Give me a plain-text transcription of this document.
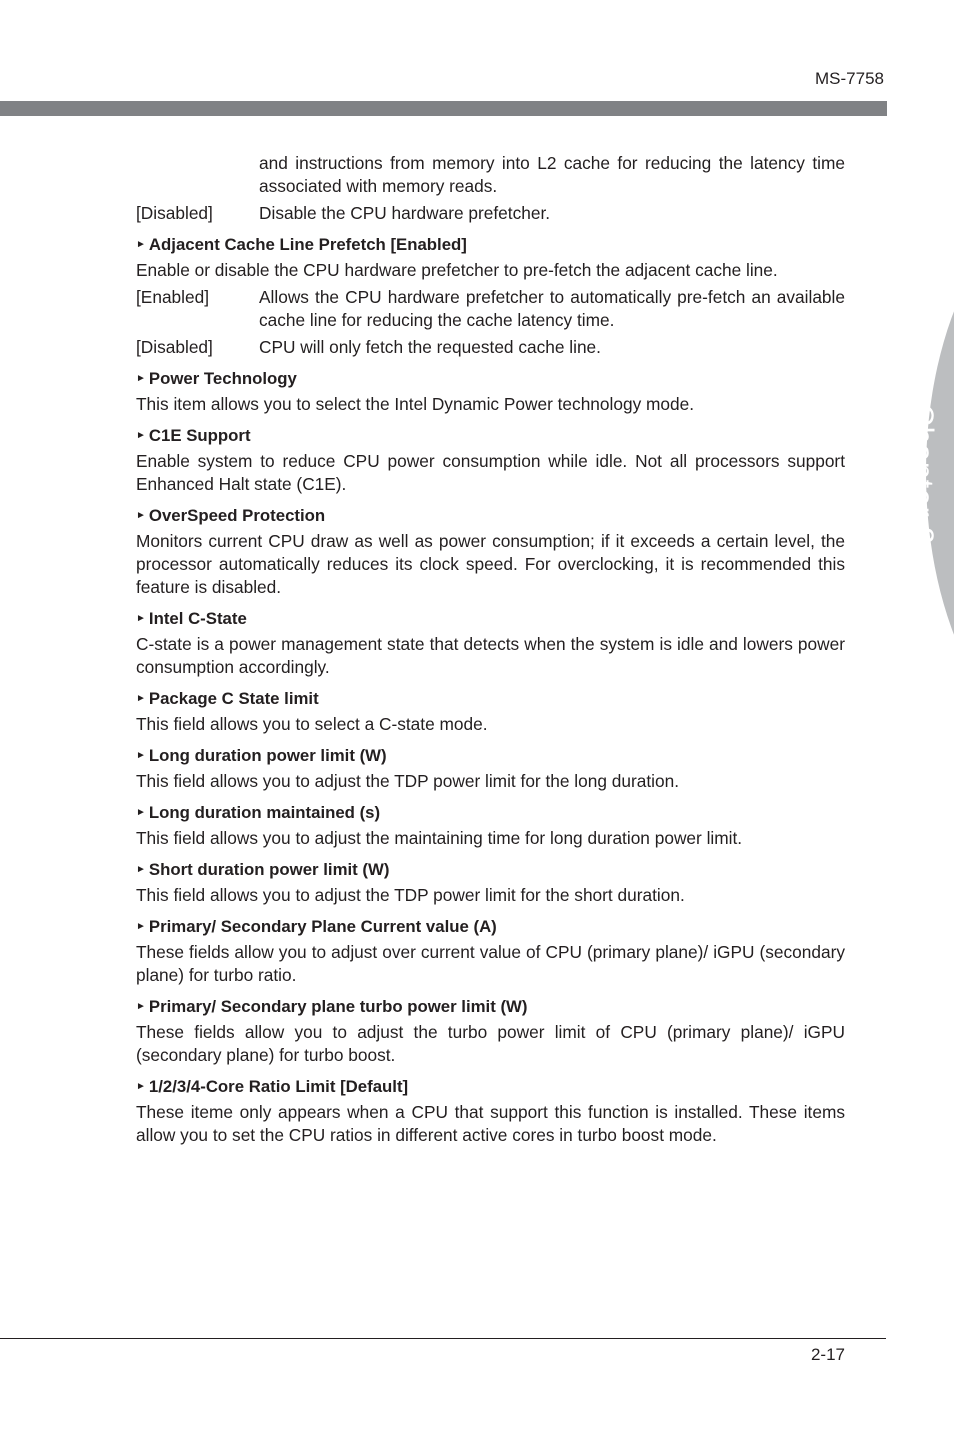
MS-7758
Chapter 2
and instructions from memory into L2 cache for reducing the latency time associated with memory reads.
[Disabled]	Disable the CPU hardware prefetcher.

► Adjacent Cache Line Prefetch [Enabled]

Enable or disable the CPU hardware prefetcher to pre-fetch the adjacent cache line.

[Enabled]	Allows the CPU hardware prefetcher to automatically pre-fetch an available cache line for reducing the cache latency time.
[Disabled]	CPU will only fetch the requested cache line.

► Power Technology

This item allows you to select the Intel Dynamic Power technology mode.

► C1E Support

Enable system to reduce CPU power consumption while idle. Not all processors support Enhanced Halt state (C1E).

► OverSpeed Protection

Monitors current CPU draw as well as power consumption; if it exceeds a certain level, the processor automatically reduces its clock speed. For overclocking, it is recommended this feature is disabled.

► Intel C-State

C-state is a power management state that detects when the system is idle and lowers power consumption accordingly.

► Package C State limit

This field allows you to select a C-state mode.

► Long duration power limit (W)

This field allows you to adjust the TDP power limit for the long duration.

► Long duration maintained (s)

This field allows you to adjust the maintaining time for long duration power limit.

► Short duration power limit (W)

This field allows you to adjust the TDP power limit for the short duration.

► Primary/ Secondary Plane Current value (A)

These fields allow you to adjust over current value of CPU (primary plane)/ iGPU (secondary plane) for turbo ratio.

► Primary/ Secondary plane turbo power limit (W)

These fields allow you to adjust the turbo power limit of CPU (primary plane)/ iGPU (secondary plane) for turbo boost.

► 1/2/3/4-Core Ratio Limit [Default]

These iteme only appears when a CPU that support this function is installed. These items allow you to set the CPU ratios in different active cores in turbo boost mode.

2-17
